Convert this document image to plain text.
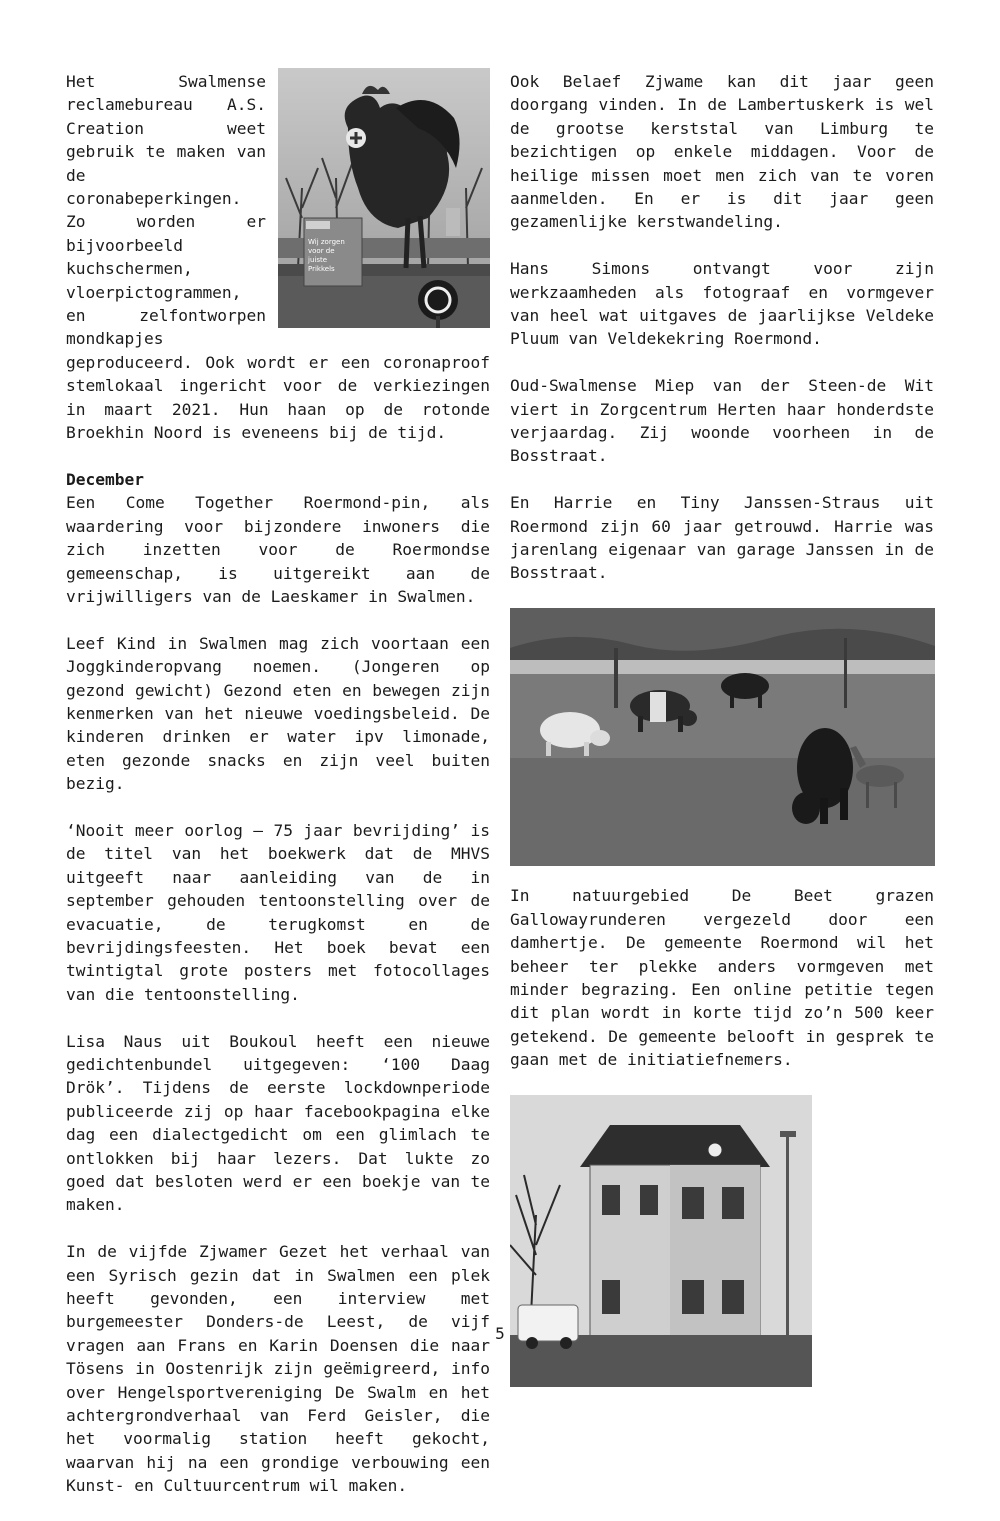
Wij zorgen
voor de
juiste
Prikkels

Het Swalmense reclamebureau A.S. Creation weet gebruik te maken van de coronabeperkingen. Zo worden er bijvoorbeeld kuchschermen, vloerpictogrammen, en zelfontworpen mondkapjes geproduceerd. Ook wordt er een coronaproof stemlokaal ingericht voor de verkiezingen in maart 2021. Hun haan op de rotonde Broekhin Noord is eveneens bij de tijd.

December

Een Come Together Roermond-pin, als waardering voor bijzondere inwoners die zich inzetten voor de Roermondse gemeenschap, is uitgereikt aan de vrijwilligers van de Laeskamer in Swalmen.

Leef Kind in Swalmen mag zich voortaan een Joggkinderopvang noemen. (Jongeren op gezond gewicht) Gezond eten en bewegen zijn kenmerken van het nieuwe voedingsbeleid. De kinderen drinken er water ipv limonade, eten gezonde snacks en zijn veel buiten bezig.

‘Nooit meer oorlog – 75 jaar bevrijding’ is de titel van het boekwerk dat de MHVS uitgeeft naar aanleiding van de in september gehouden tentoonstelling over de evacuatie, de terugkomst en de bevrijdingsfeesten. Het boek bevat een twintigtal grote posters met fotocollages van die tentoonstelling.

Lisa Naus uit Boukoul heeft een nieuwe gedichtenbundel uitgegeven: ‘100 Daag Drök’. Tijdens de eerste lockdownperiode publiceerde zij op haar facebookpagina elke dag een dialectgedicht om een glimlach te ontlokken bij haar lezers. Dat lukte zo goed dat besloten werd er een boekje van te maken.

In de vijfde Zjwamer Gezet het verhaal van een Syrisch gezin dat in Swalmen een plek heeft gevonden, een interview met burgemeester Donders-de Leest, de vijf vragen aan Frans en Karin Doensen die naar Tösens in Oostenrijk zijn geëmigreerd, info over Hengelsportvereniging De Swalm en het achtergrondverhaal van Ferd Geisler, die het voormalig station heeft gekocht, waarvan hij na een grondige verbouwing een Kunst- en Cultuurcentrum wil maken.

Ook Belaef Zjwame kan dit jaar geen doorgang vinden. In de Lambertuskerk is wel de grootse kerststal van Limburg te bezichtigen op enkele middagen. Voor de heilige missen moet men zich van te voren aanmelden. En er is dit jaar geen gezamenlijke kerstwandeling.

Hans Simons ontvangt voor zijn werkzaamheden als fotograaf en vormgever van heel wat uitgaves de jaarlijkse Veldeke Pluum van Veldekekring Roermond.

Oud-Swalmense Miep van der Steen-de Wit viert in Zorgcentrum Herten haar honderdste verjaardag. Zij woonde voorheen in de Bosstraat.

En Harrie en Tiny Janssen-Straus uit Roermond zijn 60 jaar getrouwd. Harrie was jarenlang eigenaar van garage Janssen in de Bosstraat.

In natuurgebied De Beet grazen Gallowayrunderen vergezeld door een damhertje. De gemeente Roermond wil het beheer ter plekke anders vormgeven met minder begrazing. Een online petitie tegen dit plan wordt in korte tijd zo’n 500 keer getekend. De gemeente belooft in gesprek te gaan met de initiatiefnemers.

5
